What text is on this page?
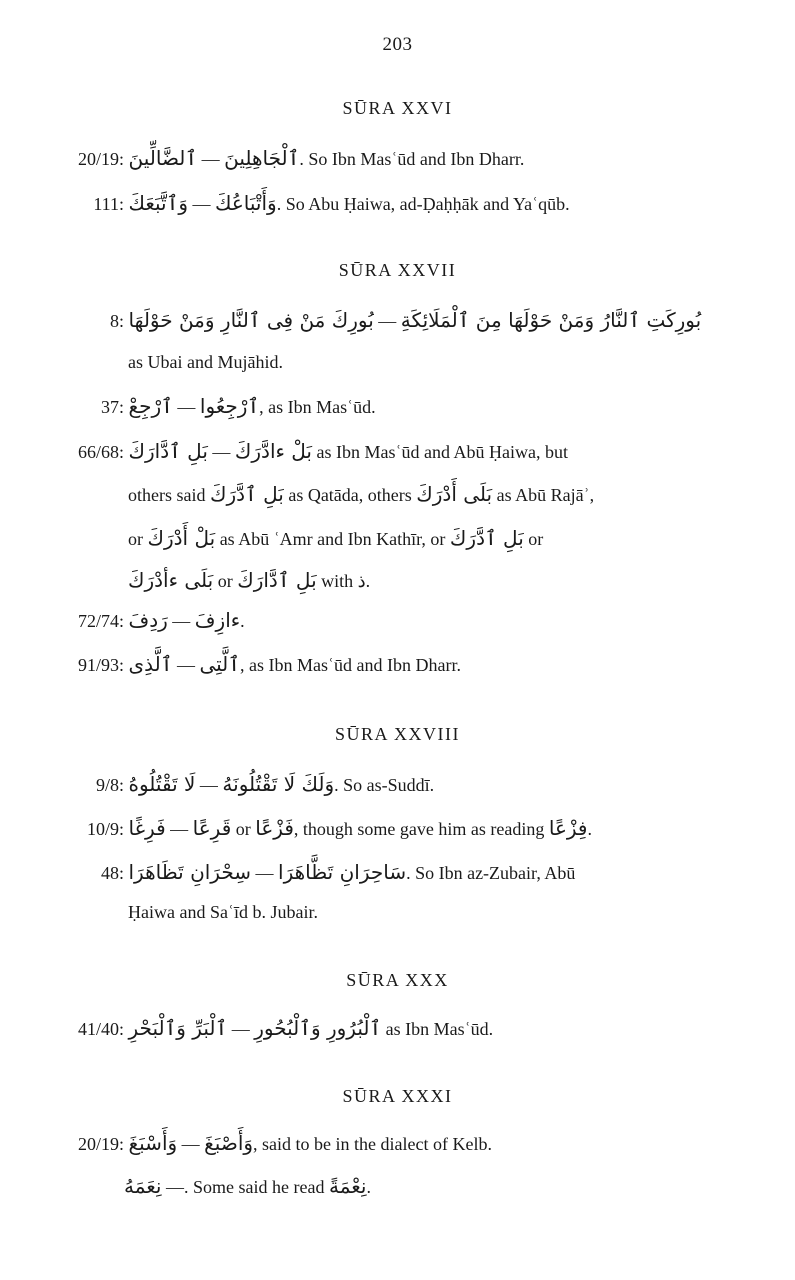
203
SŪRA XXVI
20/19: ٱلضَّالِّينَ — ٱلْجَاهِلِينَ. So Ibn Masʿūd and Ibn Dharr.
111: وَٱتَّبَعَكَ — وَأَتْبَاعُكَ. So Abu Ḥaiwa, ad-Ḍaḥḥāk and Yaʿqūb.
SŪRA XXVII
8: بُورِكَ مَنْ فِى ٱلنَّارِ وَمَنْ حَوْلَهَا — بُورِكَتِ ٱلنَّارُ وَمَنْ حَوْلَهَا مِنَ ٱلْمَلَائِكَةِ
as Ubai and Mujāhid.
37: ٱرْجِعْ — ٱرْجِعُوا, as Ibn Masʿūd.
66/68: بَلِ ٱدَّارَكَ — بَلْ ءادَّرَكَ as Ibn Masʿūd and Abū Ḥaiwa, but
others said بَلِ ٱدَّرَكَ as Qatāda, others بَلَى أَدْرَكَ as Abū Rajāʾ,
or بَلْ أَدْرَكَ as Abū ʿAmr and Ibn Kathīr, or بَلِ ٱدَّرَكَ or
بَلَى ءأدْرَكَ or بَلِ ٱدَّارَكَ with ذ.
72/74: رَدِفَ — ءازِفَ.
91/93: ٱلَّذِى — ٱلَّتِى, as Ibn Masʿūd and Ibn Dharr.
SŪRA XXVIII
9/8: لَا تَقْتُلُوهُ — وَلَكَ لَا تَقْتُلُونَهُ. So as-Suddī.
10/9: فَرِغًا — قَرِعًا or فَزْعًا, though some gave him as reading فِزْعًا.
48: سِحْرَانِ تَظَاهَرَا — سَاحِرَانِ تَظَّاهَرَا. So Ibn az-Zubair, Abū
Ḥaiwa and Saʿīd b. Jubair.
SŪRA XXX
41/40: ٱلْبَرِّ وَٱلْبَحْرِ — ٱلْبُرُورِ وَٱلْبُحُورِ as Ibn Masʿūd.
SŪRA XXXI
20/19: وَأَسْبَغَ — وَأَصْبَغَ, said to be in the dialect of Kelb.
نِعَمَهُ —. Some said he read نِعْمَةً.
